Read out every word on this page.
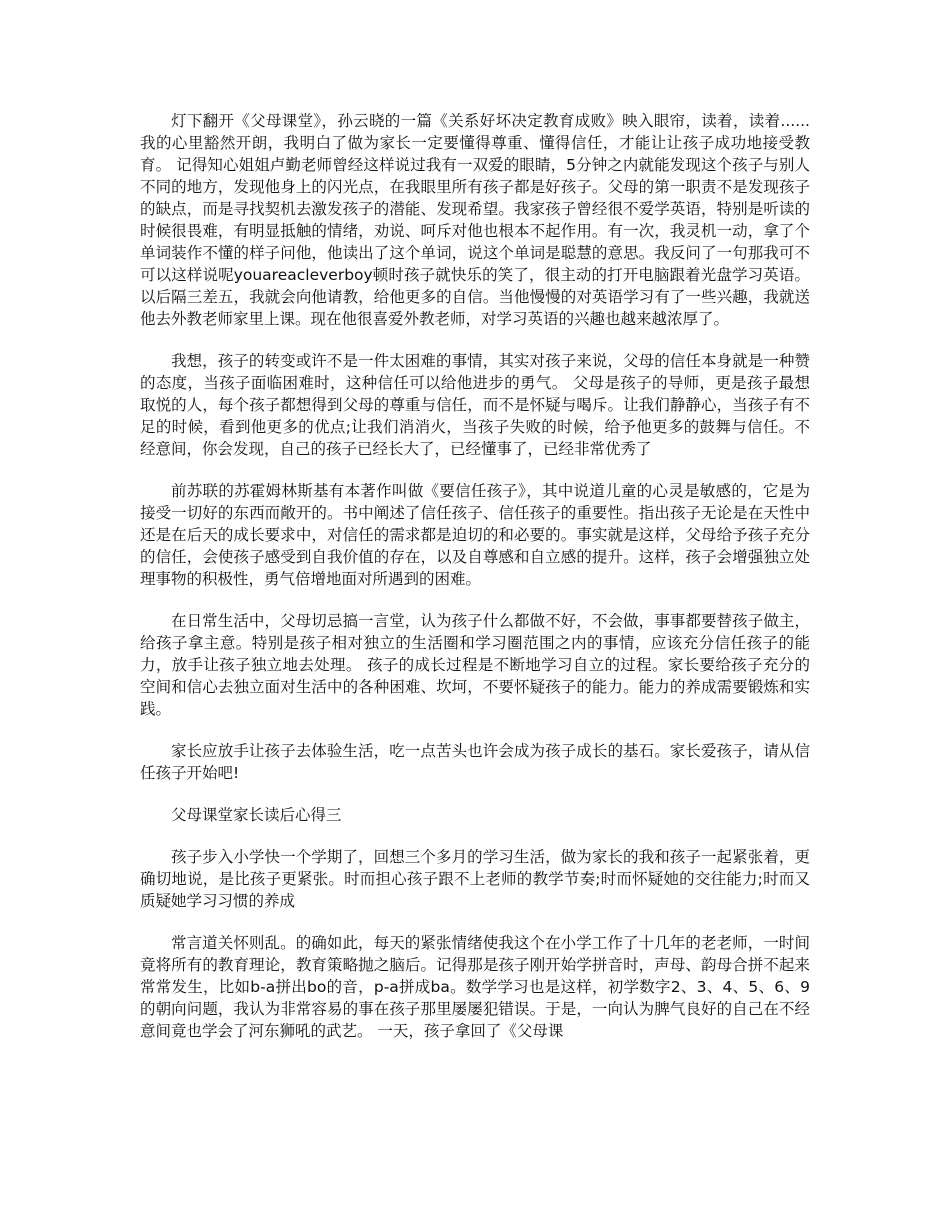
灯下翻开《父母课堂》，孙云晓的一篇《关系好坏决定教育成败》映入眼帘，读着，读着......我的心里豁然开朗，我明白了做为家长一定要懂得尊重、懂得信任，才能让让孩子成功地接受教育。 记得知心姐姐卢勤老师曾经这样说过我有一双爱的眼睛，5分钟之内就能发现这个孩子与别人不同的地方，发现他身上的闪光点，在我眼里所有孩子都是好孩子。父母的第一职责不是发现孩子的缺点，而是寻找契机去激发孩子的潜能、发现希望。我家孩子曾经很不爱学英语，特别是听读的时候很畏难，有明显抵触的情绪，劝说、呵斥对他也根本不起作用。有一次，我灵机一动，拿了个单词装作不懂的样子问他，他读出了这个单词，说这个单词是聪慧的意思。我反问了一句那我可不可以这样说呢youareacleverboy顿时孩子就快乐的笑了，很主动的打开电脑跟着光盘学习英语。以后隔三差五，我就会向他请教，给他更多的自信。当他慢慢的对英语学习有了一些兴趣，我就送他去外教老师家里上课。现在他很喜爱外教老师，对学习英语的兴趣也越来越浓厚了。

我想，孩子的转变或许不是一件太困难的事情，其实对孩子来说，父母的信任本身就是一种赞的态度，当孩子面临困难时，这种信任可以给他进步的勇气。 父母是孩子的导师，更是孩子最想取悦的人，每个孩子都想得到父母的尊重与信任，而不是怀疑与喝斥。让我们静静心，当孩子有不足的时候，看到他更多的优点;让我们消消火，当孩子失败的时候，给予他更多的鼓舞与信任。不经意间，你会发现，自己的孩子已经长大了，已经懂事了，已经非常优秀了

前苏联的苏霍姆林斯基有本著作叫做《要信任孩子》，其中说道儿童的心灵是敏感的，它是为接受一切好的东西而敞开的。书中阐述了信任孩子、信任孩子的重要性。指出孩子无论是在天性中还是在后天的成长要求中，对信任的需求都是迫切的和必要的。事实就是这样，父母给予孩子充分的信任，会使孩子感受到自我价值的存在，以及自尊感和自立感的提升。这样，孩子会增强独立处理事物的积极性，勇气倍增地面对所遇到的困难。

在日常生活中，父母切忌搞一言堂，认为孩子什么都做不好，不会做，事事都要替孩子做主，给孩子拿主意。特别是孩子相对独立的生活圈和学习圈范围之内的事情，应该充分信任孩子的能力，放手让孩子独立地去处理。 孩子的成长过程是不断地学习自立的过程。家长要给孩子充分的空间和信心去独立面对生活中的各种困难、坎坷，不要怀疑孩子的能力。能力的养成需要锻炼和实践。

家长应放手让孩子去体验生活，吃一点苦头也许会成为孩子成长的基石。家长爱孩子，请从信任孩子开始吧!

父母课堂家长读后心得三

孩子步入小学快一个学期了，回想三个多月的学习生活，做为家长的我和孩子一起紧张着，更确切地说，是比孩子更紧张。时而担心孩子跟不上老师的教学节奏;时而怀疑她的交往能力;时而又质疑她学习习惯的养成

常言道关怀则乱。的确如此，每天的紧张情绪使我这个在小学工作了十几年的老老师，一时间竟将所有的教育理论，教育策略抛之脑后。记得那是孩子刚开始学拼音时，声母、韵母合拼不起来常常发生，比如b-a拼出bo的音，p-a拼成ba。数学学习也是这样，初学数字2、3、4、5、6、9的朝向问题，我认为非常容易的事在孩子那里屡屡犯错误。于是，一向认为脾气良好的自己在不经意间竟也学会了河东狮吼的武艺。 一天，孩子拿回了《父母课
